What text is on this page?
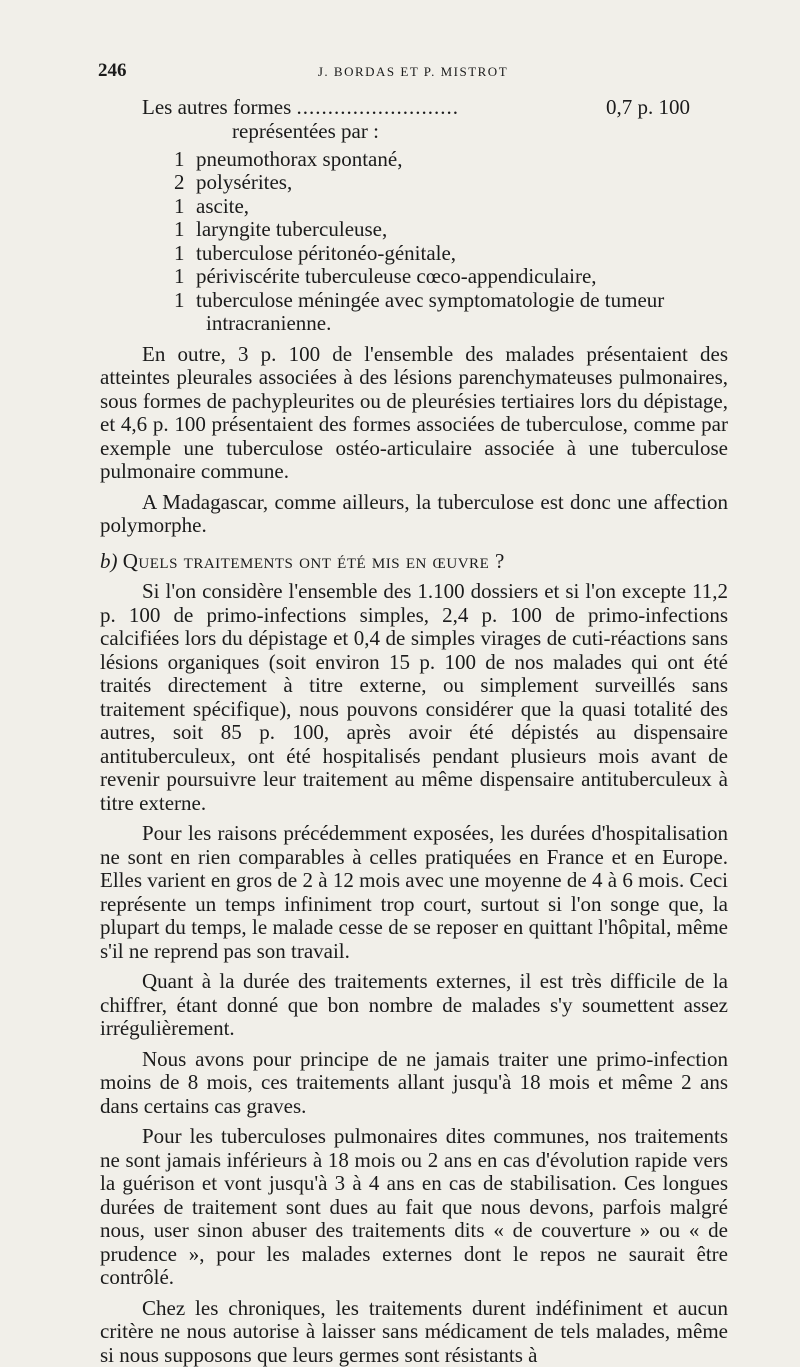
246	J. BORDAS ET P. MISTROT
Les autres formes ..........................	0,7 p. 100
représentées par :
1 pneumothorax spontané,
2 polysérites,
1 ascite,
1 laryngite tuberculeuse,
1 tuberculose péritonéo-génitale,
1 périviscérite tuberculeuse cœco-appendiculaire,
1 tuberculose méningée avec symptomatologie de tumeur
intracranienne.

En outre, 3 p. 100 de l'ensemble des malades présentaient des atteintes pleurales associées à des lésions parenchymateuses pulmonaires, sous formes de pachypleurites ou de pleurésies tertiaires lors du dépistage, et 4,6 p. 100 présentaient des formes associées de tuberculose, comme par exemple une tuberculose ostéo-articulaire associée à une tuberculose pulmonaire commune.

A Madagascar, comme ailleurs, la tuberculose est donc une affection polymorphe.

b) Quels traitements ont été mis en œuvre ?

Si l'on considère l'ensemble des 1.100 dossiers et si l'on excepte 11,2 p. 100 de primo-infections simples, 2,4 p. 100 de primo-infections calcifiées lors du dépistage et 0,4 de simples virages de cuti-réactions sans lésions organiques (soit environ 15 p. 100 de nos malades qui ont été traités directement à titre externe, ou simplement surveillés sans traitement spécifique), nous pouvons considérer que la quasi totalité des autres, soit 85 p. 100, après avoir été dépistés au dispensaire antituberculeux, ont été hospitalisés pendant plusieurs mois avant de revenir poursuivre leur traitement au même dispensaire antituberculeux à titre externe.

Pour les raisons précédemment exposées, les durées d'hospitalisation ne sont en rien comparables à celles pratiquées en France et en Europe. Elles varient en gros de 2 à 12 mois avec une moyenne de 4 à 6 mois. Ceci représente un temps infiniment trop court, surtout si l'on songe que, la plupart du temps, le malade cesse de se reposer en quittant l'hôpital, même s'il ne reprend pas son travail.

Quant à la durée des traitements externes, il est très difficile de la chiffrer, étant donné que bon nombre de malades s'y soumettent assez irrégulièrement.

Nous avons pour principe de ne jamais traiter une primo-infection moins de 8 mois, ces traitements allant jusqu'à 18 mois et même 2 ans dans certains cas graves.

Pour les tuberculoses pulmonaires dites communes, nos traitements ne sont jamais inférieurs à 18 mois ou 2 ans en cas d'évolution rapide vers la guérison et vont jusqu'à 3 à 4 ans en cas de stabilisation. Ces longues durées de traitement sont dues au fait que nous devons, parfois malgré nous, user sinon abuser des traitements dits « de couverture » ou « de prudence », pour les malades externes dont le repos ne saurait être contrôlé.

Chez les chroniques, les traitements durent indéfiniment et aucun critère ne nous autorise à laisser sans médicament de tels malades, même si nous supposons que leurs germes sont résistants à
